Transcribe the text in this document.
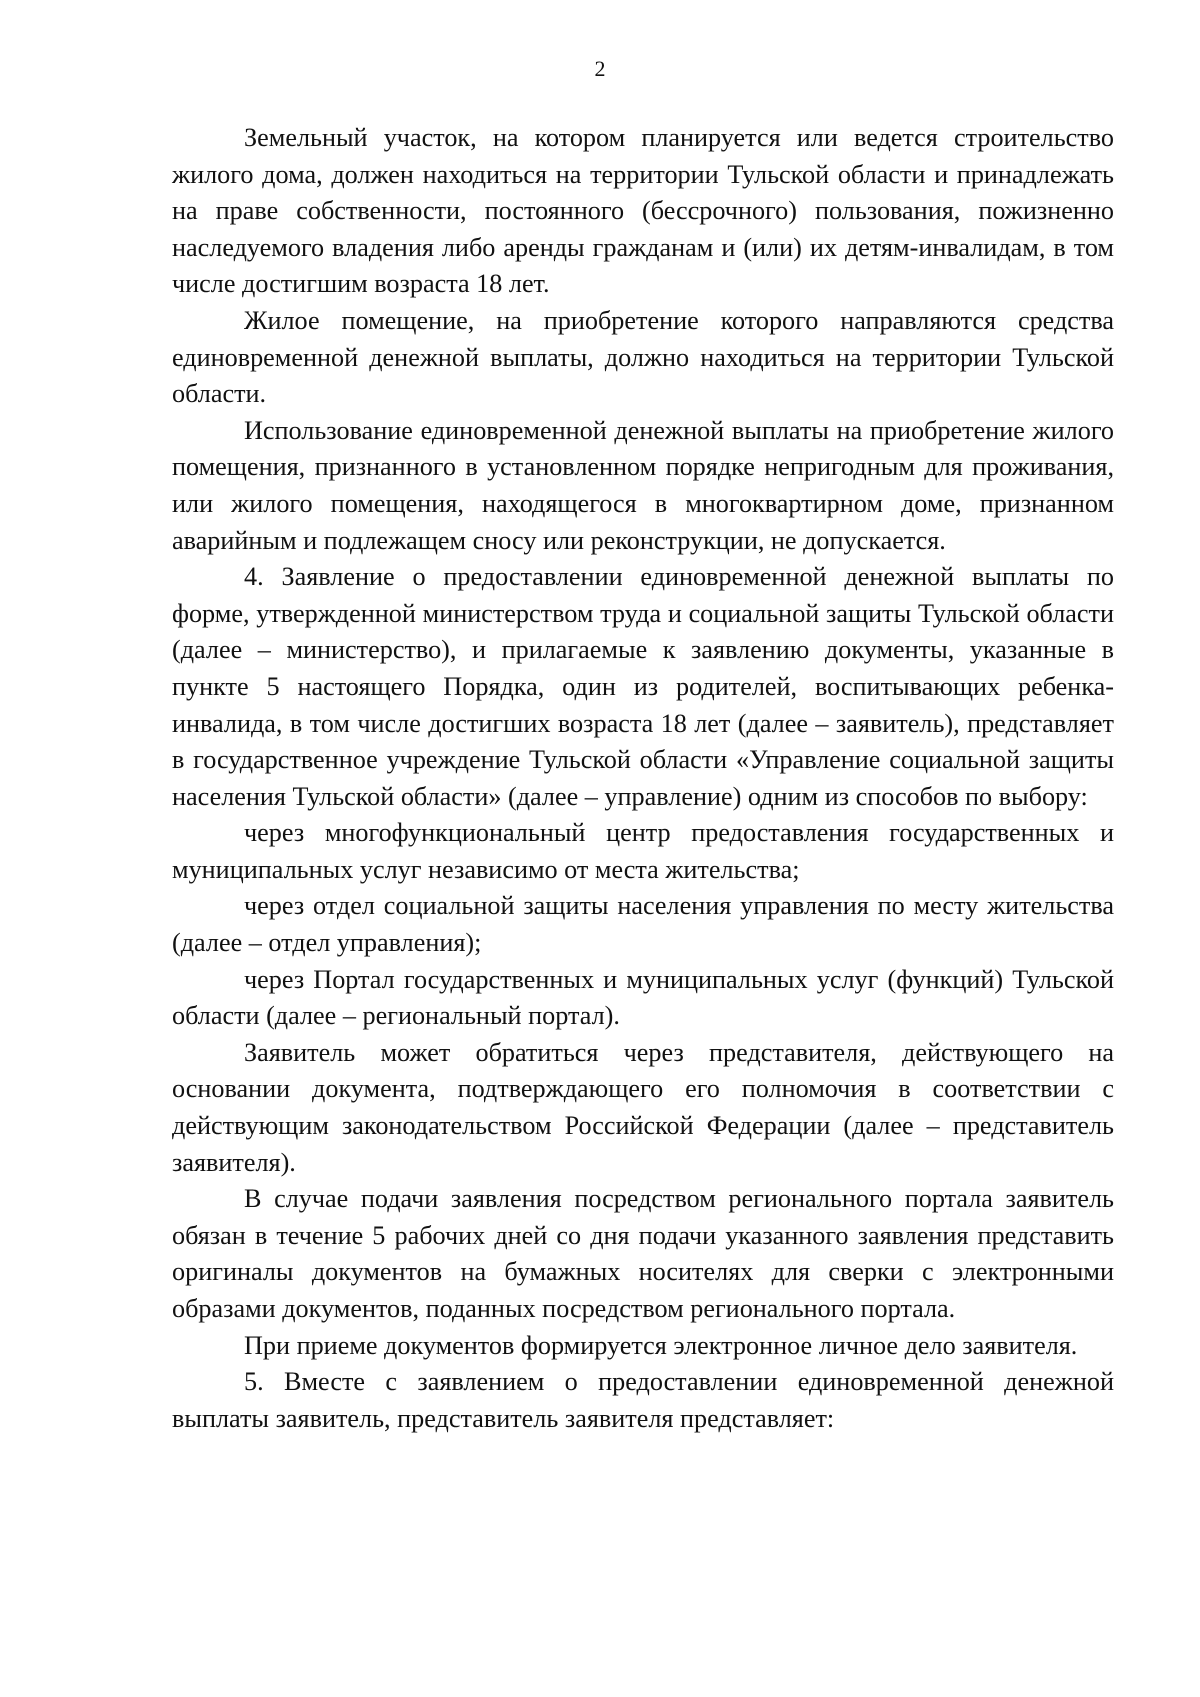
2

Земельный участок, на котором планируется или ведется строительство жилого дома, должен находиться на территории Тульской области и принадлежать на праве собственности, постоянного (бессрочного) пользования, пожизненно наследуемого владения либо аренды гражданам и (или) их детям-инвалидам, в том числе достигшим возраста 18 лет.

Жилое помещение, на приобретение которого направляются средства единовременной денежной выплаты, должно находиться на территории Тульской области.

Использование единовременной денежной выплаты на приобретение жилого помещения, признанного в установленном порядке непригодным для проживания, или жилого помещения, находящегося в многоквартирном доме, признанном аварийным и подлежащем сносу или реконструкции, не допускается.

4. Заявление о предоставлении единовременной денежной выплаты по форме, утвержденной министерством труда и социальной защиты Тульской области (далее – министерство), и прилагаемые к заявлению документы, указанные в пункте 5 настоящего Порядка, один из родителей, воспитывающих ребенка-инвалида, в том числе достигших возраста 18 лет (далее – заявитель), представляет в государственное учреждение Тульской области «Управление социальной защиты населения Тульской области» (далее – управление) одним из способов по выбору:

через многофункциональный центр предоставления государственных и муниципальных услуг независимо от места жительства;

через отдел социальной защиты населения управления по месту жительства (далее – отдел управления);

через Портал государственных и муниципальных услуг (функций) Тульской области (далее – региональный портал).

Заявитель может обратиться через представителя, действующего на основании документа, подтверждающего его полномочия в соответствии с действующим законодательством Российской Федерации (далее – представитель заявителя).

В случае подачи заявления посредством регионального портала заявитель обязан в течение 5 рабочих дней со дня подачи указанного заявления представить оригиналы документов на бумажных носителях для сверки с электронными образами документов, поданных посредством регионального портала.

При приеме документов формируется электронное личное дело заявителя.

5. Вместе с заявлением о предоставлении единовременной денежной выплаты заявитель, представитель заявителя представляет:
